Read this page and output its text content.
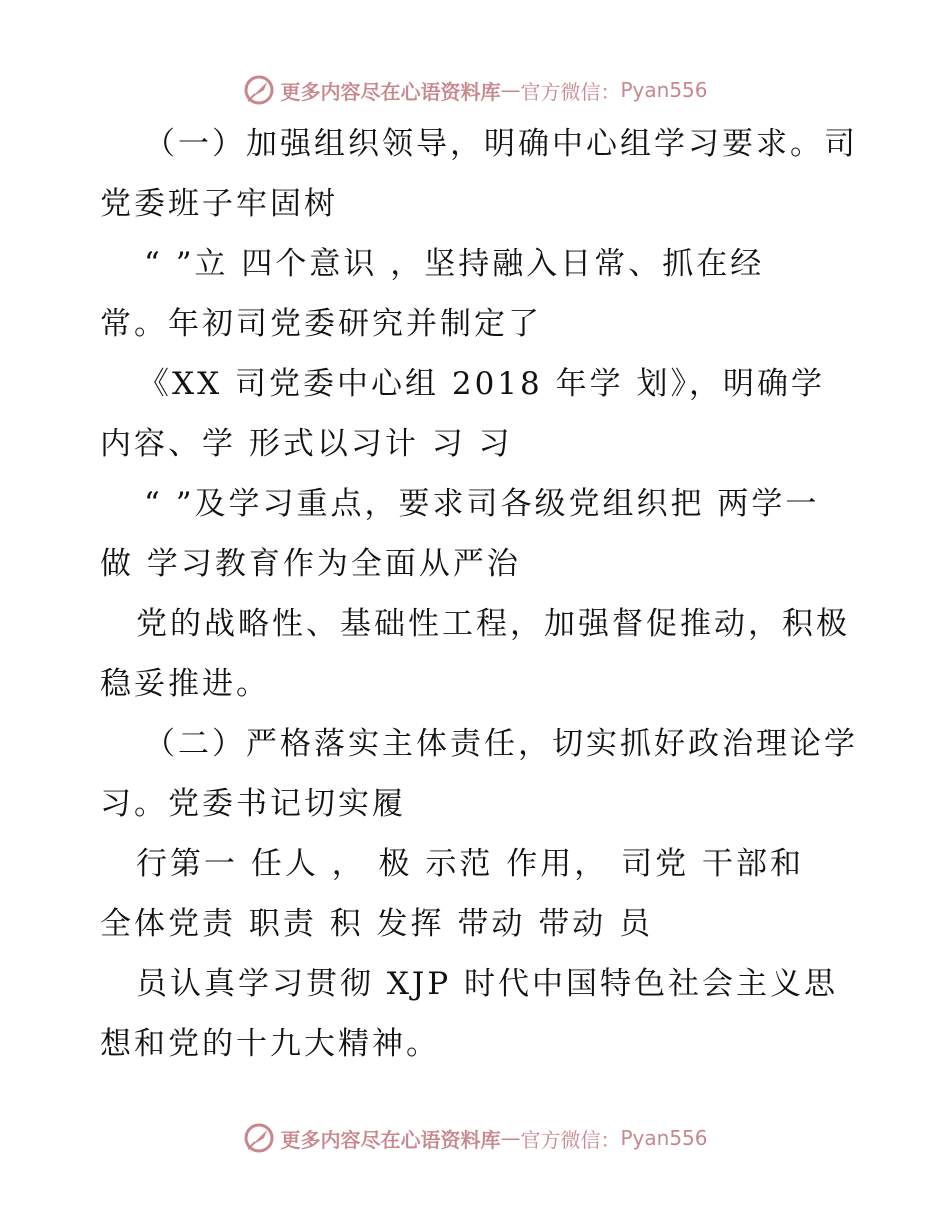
更多内容尽在心语资料库 — 官方微信： Pyan556
（一）加强组织领导，明确中心组学习要求。司
党委班子牢固树
“ ”立 四个意识 ，坚持融入日常、抓在经
常。年初司党委研究并制定了
《XX 司党委中心组 2018 年学 划》，明确学
内容、学 形式以习计 习 习
“ ”及学习重点，要求司各级党组织把 两学一
做 学习教育作为全面从严治
党的战略性、基础性工程，加强督促推动，积极
稳妥推进。
（二）严格落实主体责任，切实抓好政治理论学
习。党委书记切实履
行第一 任人 ， 极 示范 作用， 司党 干部和
全体党责 职责 积 发挥 带动 带动 员
员认真学习贯彻 XJP 时代中国特色社会主义思
想和党的十九大精神。
更多内容尽在心语资料库 — 官方微信： Pyan556
